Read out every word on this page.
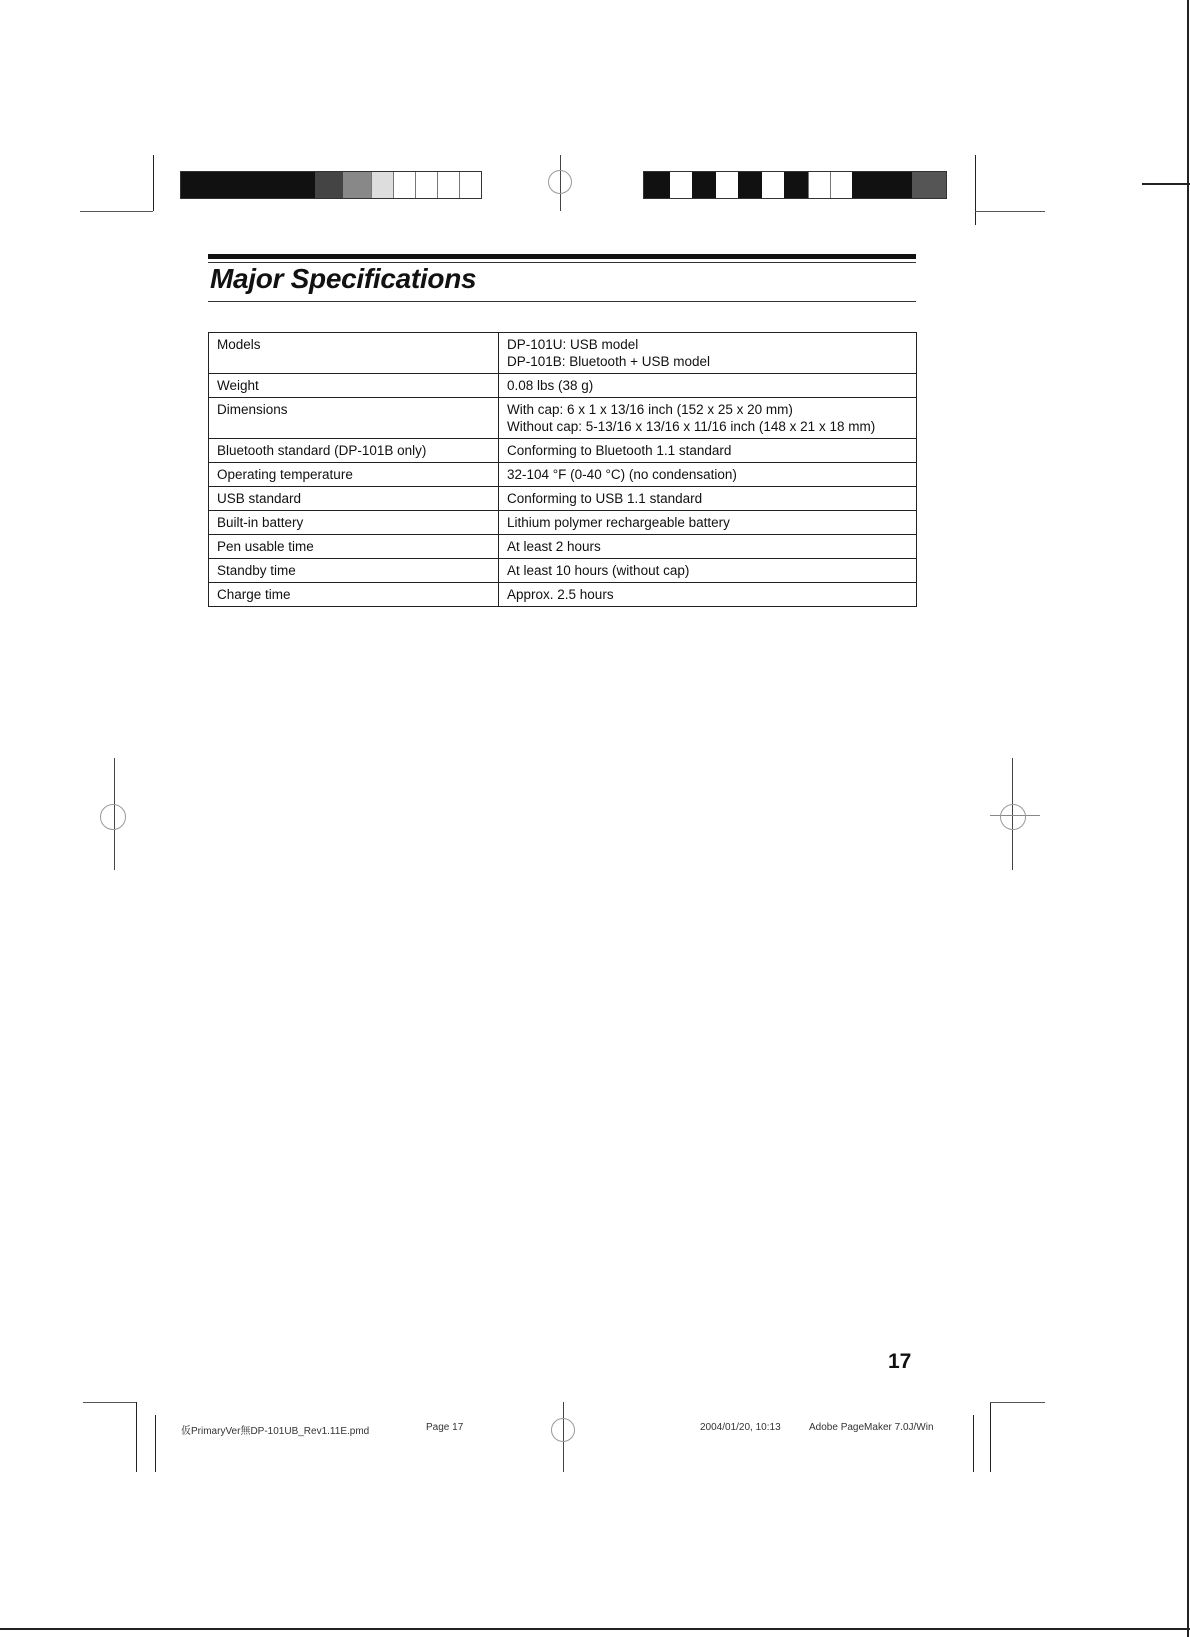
Major Specifications
Models	DP-101U: USB model
DP-101B: Bluetooth + USB model

Weight	0.08 lbs (38 g)

Dimensions	With cap: 6 x 1 x 13/16 inch (152 x 25 x 20 mm)
Without cap: 5-13/16 x 13/16 x 11/16 inch (148 x 21 x 18 mm)

Bluetooth standard (DP-101B only)	Conforming to Bluetooth 1.1 standard

Operating temperature	32-104 °F (0-40 °C) (no condensation)

USB standard	Conforming to USB 1.1 standard

Built-in battery	Lithium polymer rechargeable battery

Pen usable time	At least 2 hours

Standby time	At least 10 hours (without cap)

Charge time	Approx. 2.5 hours
17
仮PrimaryVer無DP-101UB_Rev1.11E.pmd	Page 17	2004/01/20, 10:13	Adobe PageMaker 7.0J/Win
